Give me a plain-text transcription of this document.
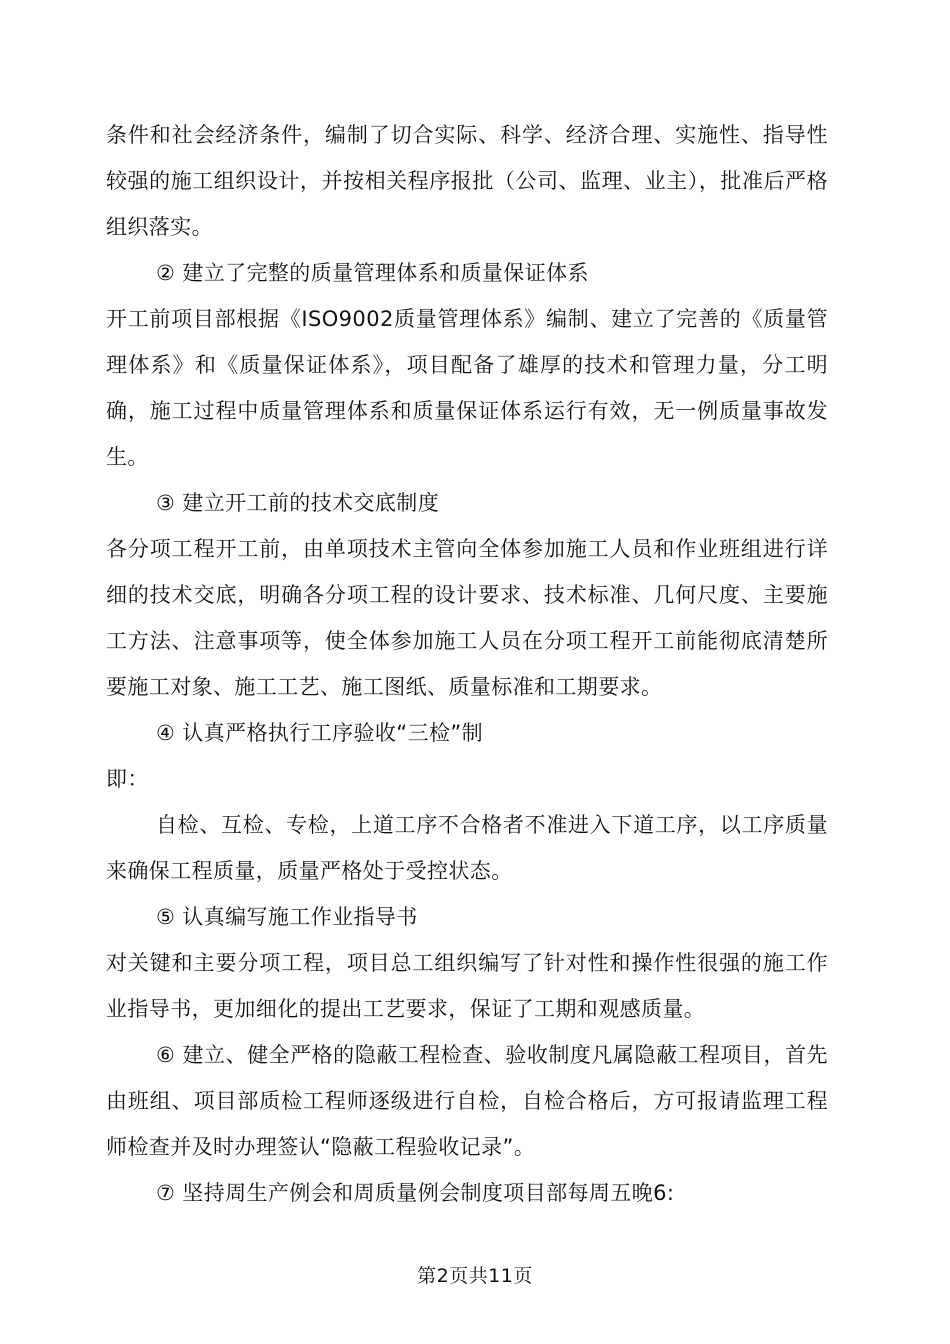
条件和社会经济条件，编制了切合实际、科学、经济合理、实施性、指导性较强的施工组织设计，并按相关程序报批（公司、监理、业主），批准后严格组织落实。

② 建立了完整的质量管理体系和质量保证体系

开工前项目部根据《ISO9002质量管理体系》编制、建立了完善的《质量管理体系》和《质量保证体系》，项目配备了雄厚的技术和管理力量，分工明确，施工过程中质量管理体系和质量保证体系运行有效，无一例质量事故发生。

③ 建立开工前的技术交底制度

各分项工程开工前，由单项技术主管向全体参加施工人员和作业班组进行详细的技术交底，明确各分项工程的设计要求、技术标准、几何尺度、主要施工方法、注意事项等，使全体参加施工人员在分项工程开工前能彻底清楚所要施工对象、施工工艺、施工图纸、质量标准和工期要求。

④ 认真严格执行工序验收“三检”制

即：

自检、互检、专检，上道工序不合格者不准进入下道工序，以工序质量来确保工程质量，质量严格处于受控状态。

⑤ 认真编写施工作业指导书

对关键和主要分项工程，项目总工组织编写了针对性和操作性很强的施工作业指导书，更加细化的提出工艺要求，保证了工期和观感质量。

⑥ 建立、健全严格的隐蔽工程检查、验收制度凡属隐蔽工程项目，首先由班组、项目部质检工程师逐级进行自检，自检合格后，方可报请监理工程师检查并及时办理签认“隐蔽工程验收记录”。

⑦ 坚持周生产例会和周质量例会制度项目部每周五晚6:

第2页共11页
